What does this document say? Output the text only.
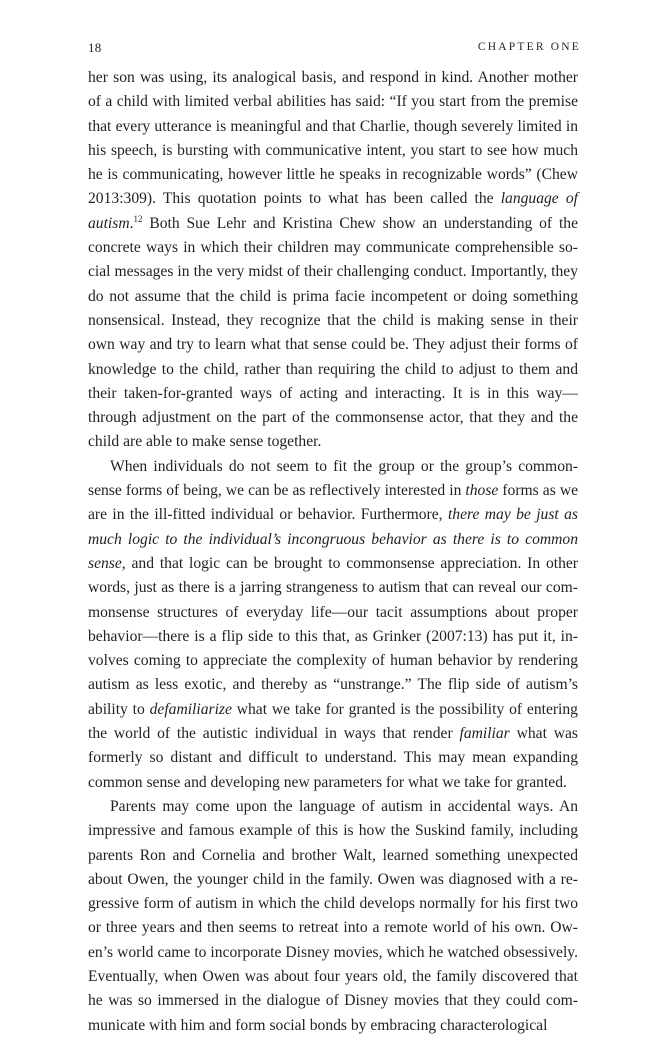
18	CHAPTER ONE

her son was using, its analogical basis, and respond in kind. Another mother of a child with limited verbal abilities has said: “If you start from the premise that every utterance is meaningful and that Charlie, though severely limited in his speech, is bursting with communicative intent, you start to see how much he is communicating, however little he speaks in recognizable words” (Chew 2013:309). This quotation points to what has been called the language of autism.$^{12}$ Both Sue Lehr and Kristina Chew show an understanding of the concrete ways in which their children may communicate comprehensible social messages in the very midst of their challenging conduct. Importantly, they do not assume that the child is prima facie incompetent or doing something nonsensical. Instead, they recognize that the child is making sense in their own way and try to learn what that sense could be. They adjust their forms of knowledge to the child, rather than requiring the child to adjust to them and their taken-for-granted ways of acting and interacting. It is in this way—through adjustment on the part of the commonsense actor, that they and the child are able to make sense together.

When individuals do not seem to fit the group or the group’s commonsense forms of being, we can be as reflectively interested in those forms as we are in the ill-fitted individual or behavior. Furthermore, there may be just as much logic to the individual’s incongruous behavior as there is to common sense, and that logic can be brought to commonsense appreciation. In other words, just as there is a jarring strangeness to autism that can reveal our commonsense structures of everyday life—our tacit assumptions about proper behavior—there is a flip side to this that, as Grinker (2007:13) has put it, involves coming to appreciate the complexity of human behavior by rendering autism as less exotic, and thereby as “unstrange.” The flip side of autism’s ability to defamiliarize what we take for granted is the possibility of entering the world of the autistic individual in ways that render familiar what was formerly so distant and difficult to understand. This may mean expanding common sense and developing new parameters for what we take for granted.

Parents may come upon the language of autism in accidental ways. An impressive and famous example of this is how the Suskind family, including parents Ron and Cornelia and brother Walt, learned something unexpected about Owen, the younger child in the family. Owen was diagnosed with a regressive form of autism in which the child develops normally for his first two or three years and then seems to retreat into a remote world of his own. Owen’s world came to incorporate Disney movies, which he watched obsessively. Eventually, when Owen was about four years old, the family discovered that he was so immersed in the dialogue of Disney movies that they could communicate with him and form social bonds by embracing characterological
